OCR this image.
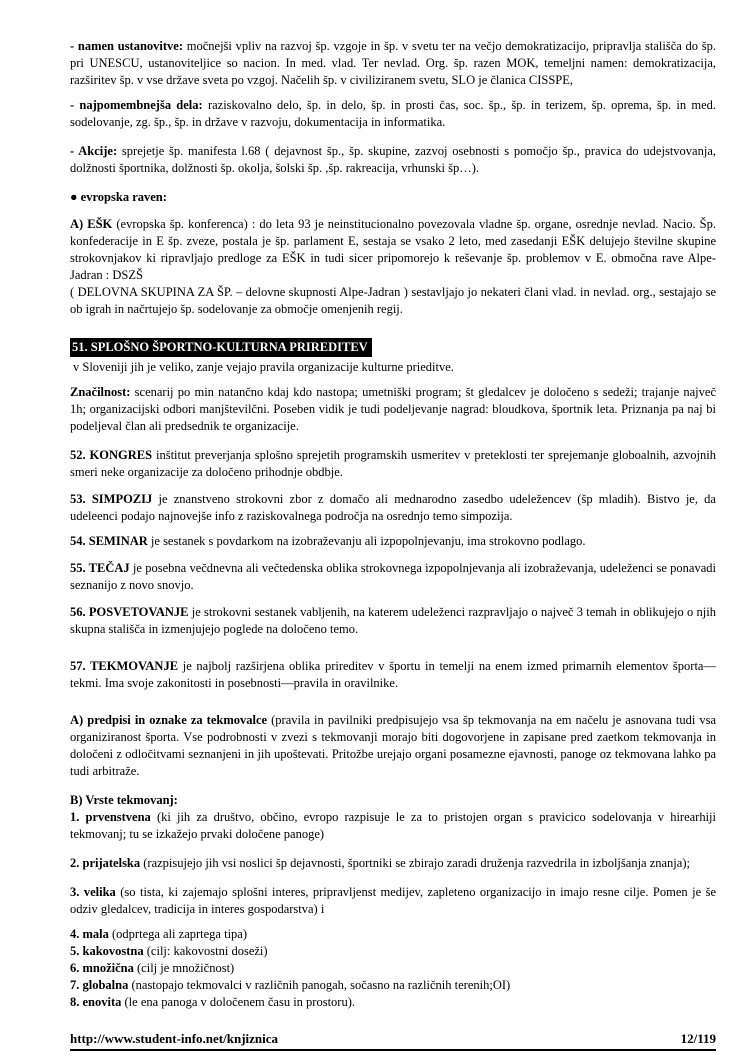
- namen ustanovitve: močnejši vpliv na razvoj šp. vzgoje in šp. v svetu ter na večjo demokratizacijo, pripravlja stališča do šp. pri UNESCU, ustanoviteljice so nacion. In med. vlad. Ter nevlad. Org. šp. razen MOK, temeljni namen: demokratizacija, razširitev šp. v vse države sveta po vzgoj. Načelih šp. v civiliziranem svetu, SLO je članica CISSPE,

- najpomembnejša dela: raziskovalno delo, šp. in delo, šp. in prosti čas, soc. šp., šp. in terizem, šp. oprema, šp. in med. sodelovanje, zg. šp., šp. in države v razvoju, dokumentacija in informatika.

- Akcije: sprejetje šp. manifesta l.68 ( dejavnost šp., šp. skupine, zazvoj osebnosti s pomočjo šp., pravica do udejstvovanja, dolžnosti športnika, dolžnosti šp. okolja, šolski šp. ,šp. rakreacija, vrhunski šp…).

● evropska raven:

A) EŠK (evropska šp. konferenca) : do leta 93 je neinstitucionalno povezovala vladne šp. organe, osrednje nevlad. Nacio. Šp. konfederacije in E šp. zveze, postala je šp. parlament E, sestaja se vsako 2 leto, med zasedanji EŠK delujejo številne skupine strokovnjakov ki ripravljajo predloge za EŠK in tudi sicer pripomorejo k reševanje šp. problemov v E. območna rave Alpe-Jadran : DSZŠ
( DELOVNA SKUPINA ZA ŠP. – delovne skupnosti Alpe-Jadran ) sestavljajo jo nekateri člani vlad. in nevlad. org., sestajajo se ob igrah in načrtujejo šp. sodelovanje za območje omenjenih regij.

51. SPLOŠNO ŠPORTNO-KULTURNA PRIREDITEV

v Sloveniji jih je veliko, zanje vejajo pravila organizacije kulturne prieditve.

Značilnost: scenarij po min natančno kdaj kdo nastopa; umetniški program; št gledalcev je določeno s sedeži; trajanje največ 1h; organizacijski odbori manjštevilčni. Poseben vidik je tudi podeljevanje nagrad: bloudkova, športnik leta. Priznanja pa naj bi podeljeval član ali predsednik te organizacije.

52. KONGRES inštitut preverjanja splošno sprejetih programskih usmeritev v preteklosti ter sprejemanje globoalnih, azvojnih smeri neke organizacije za določeno prihodnje obdbje.

53. SIMPOZIJ je znanstveno strokovni zbor z domačo ali mednarodno zasedbo udeležencev (šp mladih). Bistvo je, da udeleenci podajo najnovejše info z raziskovalnega področja na osrednjo temo simpozija.

54. SEMINAR je sestanek s povdarkom na izobraževanju ali izpopolnjevanju, ima strokovno podlago.

55. TEČAJ je posebna večdnevna ali večtedenska oblika strokovnega izpopolnjevanja ali izobraževanja, udeleženci se ponavadi seznanijo z novo snovjo.

56. POSVETOVANJE je strokovni sestanek vabljenih, na katerem udeleženci razpravljajo o največ 3 temah in oblikujejo o njih skupna stališča in izmenjujejo poglede na določeno temo.

57. TEKMOVANJE je najbolj razširjena oblika prireditev v športu in temelji na enem izmed primarnih elementov športa—tekmi. Ima svoje zakonitosti in posebnosti—pravila in oravilnike.

A) predpisi in oznake za tekmovalce (pravila in pavilniki predpisujejo vsa šp tekmovanja na em načelu je asnovana tudi vsa organiziranost športa. Vse podrobnosti v zvezi s tekmovanji morajo biti dogovorjene in zapisane pred zaetkom tekmovanja in določeni z odločitvami seznanjeni in jih upoštevati. Pritožbe urejajo organi posamezne ejavnosti, panoge oz tekmovana lahko pa tudi arbitraže.

B) Vrste tekmovanj:

1. prvenstvena (ki jih za društvo, občino, evropo razpisuje le za to pristojen organ s pravicico sodelovanja v hirearhiji tekmovanj; tu se izkažejo prvaki določene panoge)

2. prijatelska (razpisujejo jih vsi noslici šp dejavnosti, športniki se zbirajo zaradi druženja razvedrila in izboljšanja znanja);

3. velika (so tista, ki zajemajo splošni interes, pripravljenst medijev, zapleteno organizacijo in imajo resne cilje. Pomen je še odziv gledalcev, tradicija in interes gospodarstva) i

4. mala (odprtega ali zaprtega tipa)

5. kakovostna (cilj: kakovostni doseži)

6. množična (cilj je množičnost)

7. globalna (nastopajo tekmovalci v različnih panogah, sočasno na različnih terenih;OI)

8. enovita (le ena panoga v določenem času in prostoru).

http://www.student-info.net/knjiznica	12/119
